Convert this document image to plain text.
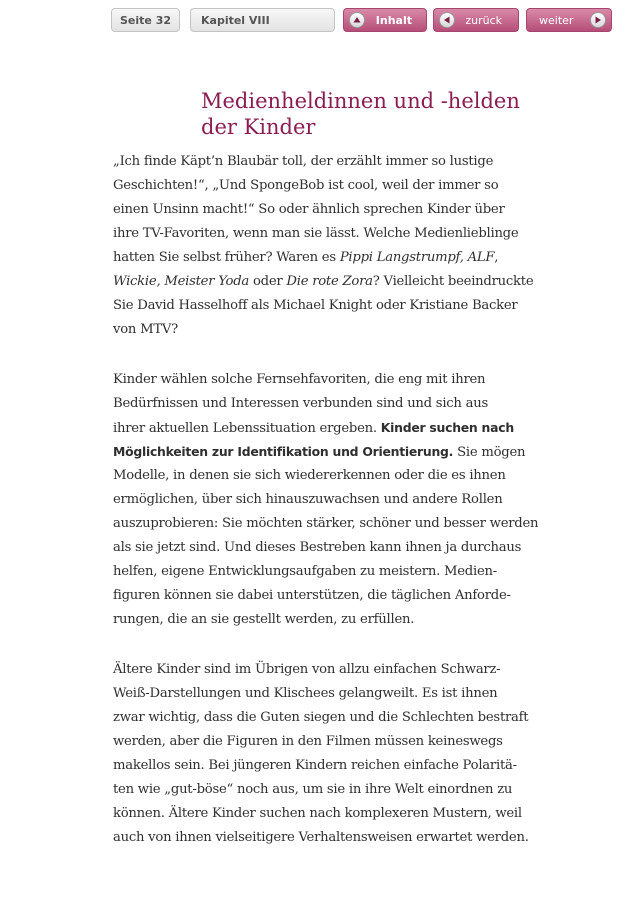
Seite 32	Kapitel VIII	Inhalt	zurück	weiter
Medienheldinnen und -helden
der Kinder

„Ich finde Käpt’n Blaubär toll, der erzählt immer so lustige
Geschichten!“, „Und SpongeBob ist cool, weil der immer so
einen Unsinn macht!“ So oder ähnlich sprechen Kinder über
ihre TV-Favoriten, wenn man sie lässt. Welche Medienlieblinge
hatten Sie selbst früher? Waren es Pippi Langstrumpf, ALF,
Wickie, Meister Yoda oder Die rote Zora? Vielleicht beeindruckte
Sie David Hasselhoff als Michael Knight oder Kristiane Backer
von MTV?

Kinder wählen solche Fernsehfavoriten, die eng mit ihren
Bedürfnissen und Interessen verbunden sind und sich aus
ihrer aktuellen Lebenssituation ergeben. Kinder suchen nach
Möglichkeiten zur Identifikation und Orientierung. Sie mögen
Modelle, in denen sie sich wiedererkennen oder die es ihnen
ermöglichen, über sich hinauszuwachsen und andere Rollen
auszuprobieren: Sie möchten stärker, schöner und besser werden
als sie jetzt sind. Und dieses Bestreben kann ihnen ja durchaus
helfen, eigene Entwicklungsaufgaben zu meistern. Medien-
figuren können sie dabei unterstützen, die täglichen Anforde-
rungen, die an sie gestellt werden, zu erfüllen.

Ältere Kinder sind im Übrigen von allzu einfachen Schwarz-
Weiß-Darstellungen und Klischees gelangweilt. Es ist ihnen
zwar wichtig, dass die Guten siegen und die Schlechten bestraft
werden, aber die Figuren in den Filmen müssen keineswegs
makellos sein. Bei jüngeren Kindern reichen einfache Polaritä-
ten wie „gut-böse“ noch aus, um sie in ihre Welt einordnen zu
können. Ältere Kinder suchen nach komplexeren Mustern, weil
auch von ihnen vielseitigere Verhaltensweisen erwartet werden.
